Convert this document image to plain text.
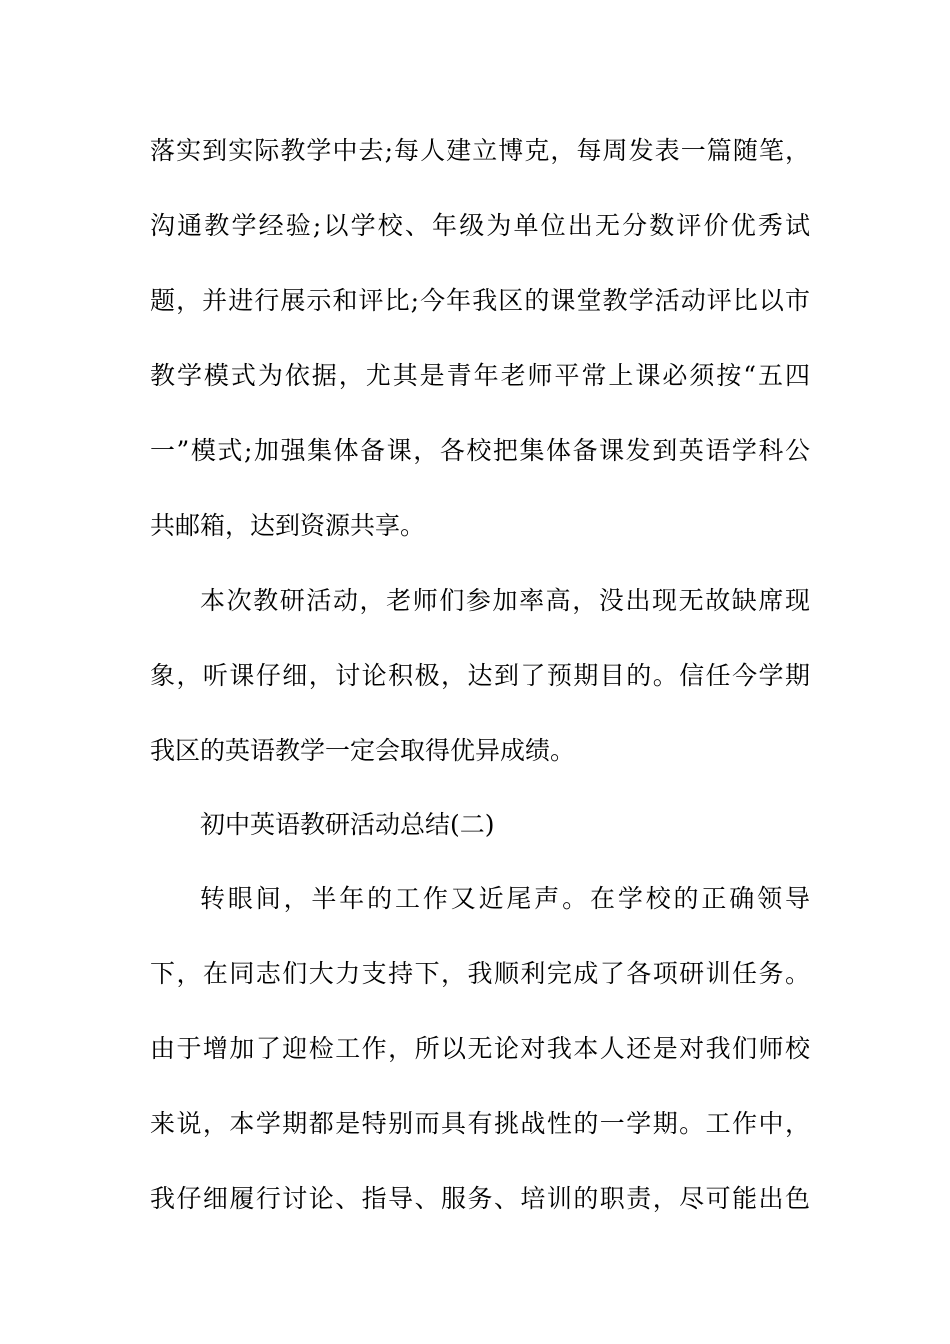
落实到实际教学中去;每人建立博克，每周发表一篇随笔，
沟通教学经验;以学校、年级为单位出无分数评价优秀试
题，并进行展示和评比;今年我区的课堂教学活动评比以市
教学模式为依据，尤其是青年老师平常上课必须按“五四
一”模式;加强集体备课，各校把集体备课发到英语学科公
共邮箱，达到资源共享。
本次教研活动，老师们参加率高，没出现无故缺席现
象，听课仔细，讨论积极，达到了预期目的。信任今学期
我区的英语教学一定会取得优异成绩。
初中英语教研活动总结(二)
转眼间，半年的工作又近尾声。在学校的正确领导
下，在同志们大力支持下，我顺利完成了各项研训任务。
由于增加了迎检工作，所以无论对我本人还是对我们师校
来说，本学期都是特别而具有挑战性的一学期。工作中，
我仔细履行讨论、指导、服务、培训的职责，尽可能出色
